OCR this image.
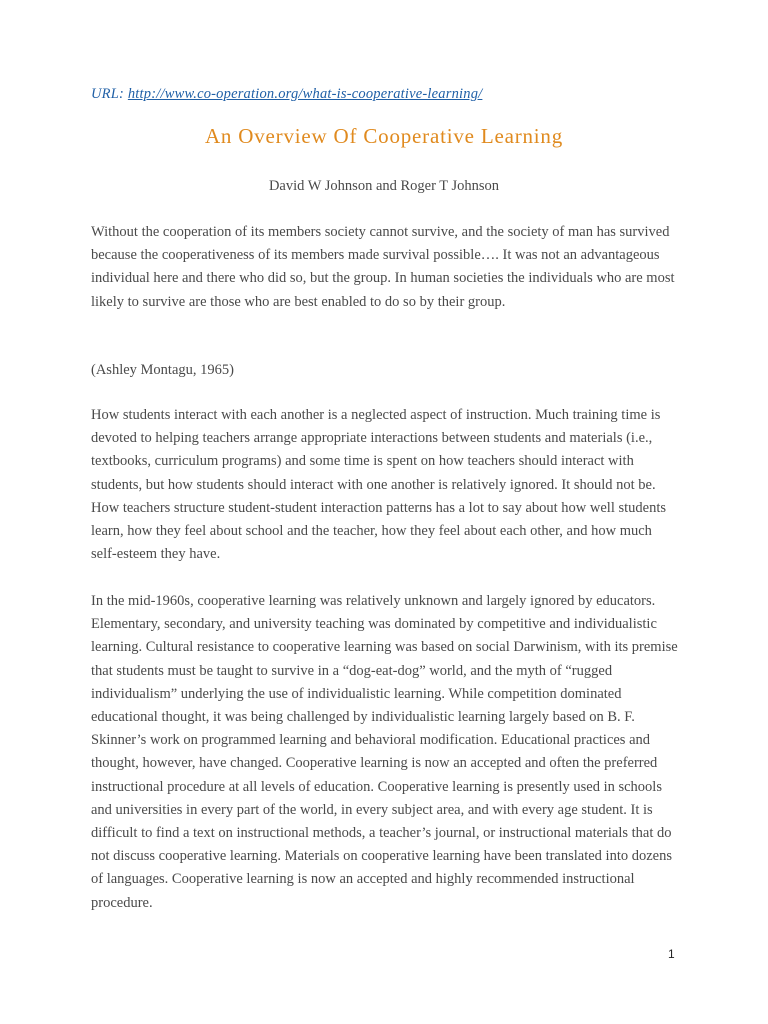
URL: http://www.co-operation.org/what-is-cooperative-learning/
An Overview Of Cooperative Learning
David W Johnson and Roger T Johnson

Without the cooperation of its members society cannot survive, and the society of man has survived because the cooperativeness of its members made survival possible…. It was not an advantageous individual here and there who did so, but the group. In human societies the individuals who are most likely to survive are those who are best enabled to do so by their group.

(Ashley Montagu, 1965)

How students interact with each another is a neglected aspect of instruction. Much training time is devoted to helping teachers arrange appropriate interactions between students and materials (i.e., textbooks, curriculum programs) and some time is spent on how teachers should interact with students, but how students should interact with one another is relatively ignored. It should not be. How teachers structure student-student interaction patterns has a lot to say about how well students learn, how they feel about school and the teacher, how they feel about each other, and how much self-esteem they have.

In the mid-1960s, cooperative learning was relatively unknown and largely ignored by educators. Elementary, secondary, and university teaching was dominated by competitive and individualistic learning. Cultural resistance to cooperative learning was based on social Darwinism, with its premise that students must be taught to survive in a “dog-eat-dog” world, and the myth of “rugged individualism” underlying the use of individualistic learning. While competition dominated educational thought, it was being challenged by individualistic learning largely based on B. F. Skinner’s work on programmed learning and behavioral modification. Educational practices and thought, however, have changed. Cooperative learning is now an accepted and often the preferred instructional procedure at all levels of education. Cooperative learning is presently used in schools and universities in every part of the world, in every subject area, and with every age student. It is difficult to find a text on instructional methods, a teacher’s journal, or instructional materials that do not discuss cooperative learning. Materials on cooperative learning have been translated into dozens of languages. Cooperative learning is now an accepted and highly recommended instructional procedure.

1
